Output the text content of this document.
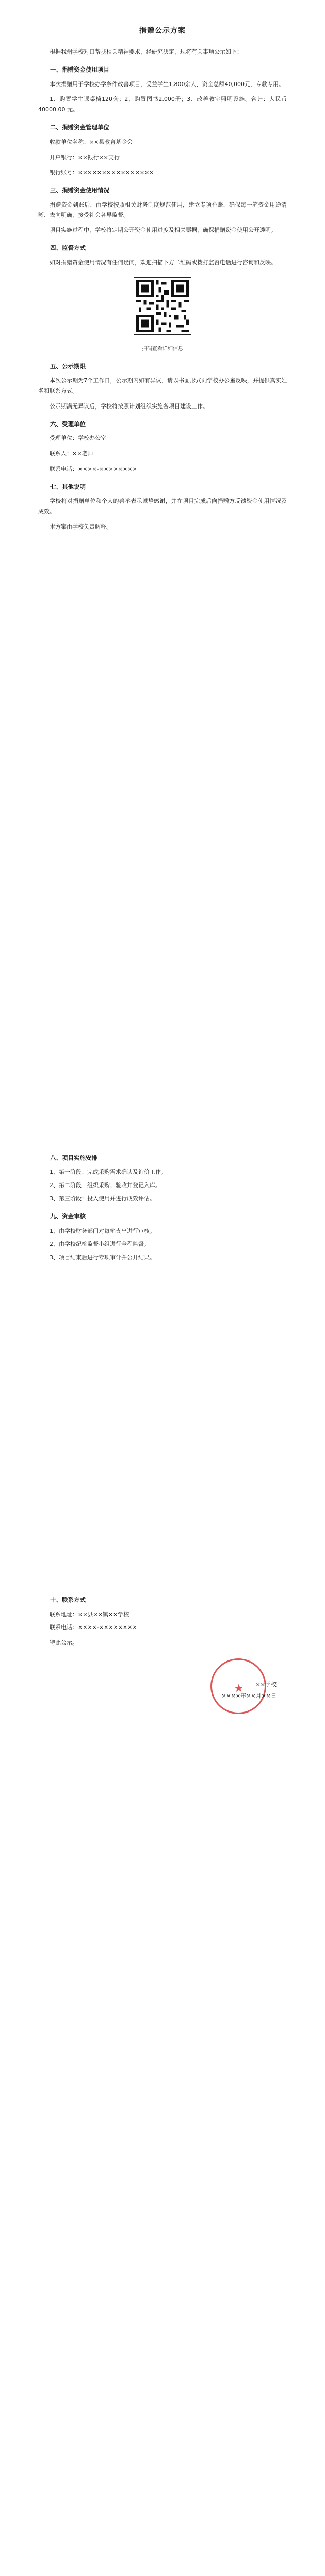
捐赠公示方案

根据我州学校对口帮扶相关精神要求，经研究决定，现将有关事项公示如下：

一、捐赠资金使用项目

本次捐赠用于学校办学条件改善项目，受益学生1,800余人，资金总额40,000元，专款专用。

1、购置学生课桌椅120套；2、购置图书2,000册；3、改善教室照明设施。合计：人民币 40000.00 元。

二、捐赠资金管理单位

收款单位名称：××县教育基金会

开户银行：××银行××支行

银行账号：××××××××××××××××

三、捐赠资金使用情况

捐赠资金到账后，由学校按照相关财务制度规范使用，建立专项台账，确保每一笔资金用途清晰、去向明确，接受社会各界监督。

项目实施过程中，学校将定期公开资金使用进度及相关票据，确保捐赠资金使用公开透明。

四、监督方式

如对捐赠资金使用情况有任何疑问，欢迎扫描下方二维码或拨打监督电话进行咨询和反映。

扫码查看详细信息
五、公示期限

本次公示期为7个工作日，公示期内如有异议，请以书面形式向学校办公室反映，并提供真实姓名和联系方式。

公示期满无异议后，学校将按照计划组织实施各项目建设工作。

六、受理单位

受理单位：学校办公室

联系人：××老师

联系电话：××××-××××××××

七、其他说明

学校将对捐赠单位和个人的善举表示诚挚感谢，并在项目完成后向捐赠方反馈资金使用情况及成效。

本方案由学校负责解释。

八、项目实施安排
1、第一阶段：完成采购需求确认及询价工作。
2、第二阶段：组织采购、验收并登记入库。
3、第三阶段：投入使用并进行成效评估。
九、资金审核
1、由学校财务部门对每笔支出进行审核。
2、由学校纪检监督小组进行全程监督。
3、项目结束后进行专项审计并公开结果。
十、联系方式
联系地址：××县××镇××学校
联系电话：××××-××××××××

特此公示。

★	××学校
××××年××月××日
